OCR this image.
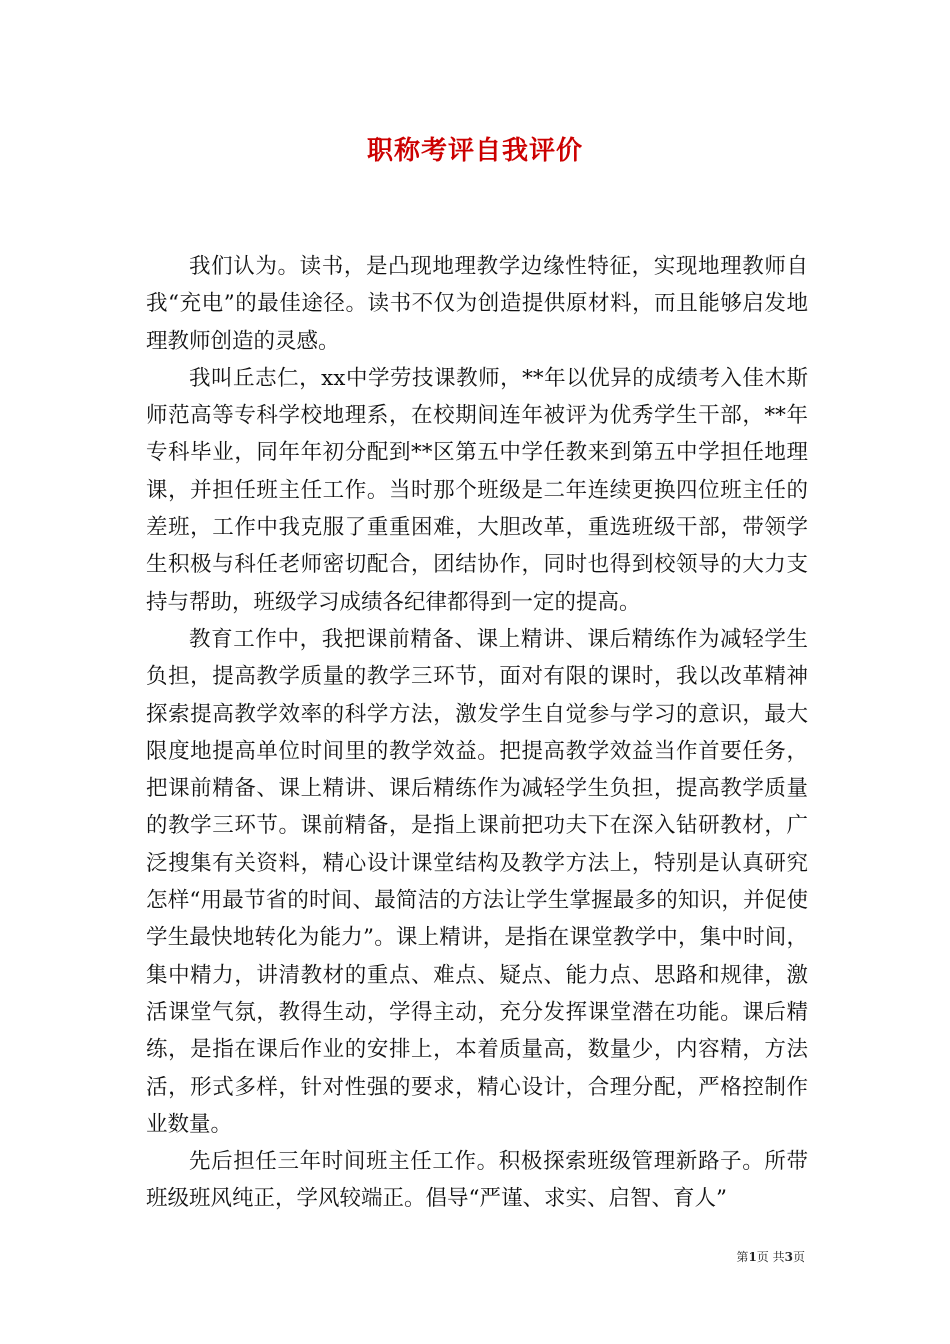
职称考评自我评价

我们认为。读书，是凸现地理教学边缘性特征，实现地理教师自我“充电”的最佳途径。读书不仅为创造提供原材料，而且能够启发地理教师创造的灵感。

我叫丘志仁，xx中学劳技课教师，**年以优异的成绩考入佳木斯师范高等专科学校地理系，在校期间连年被评为优秀学生干部，**年专科毕业，同年年初分配到**区第五中学任教来到第五中学担任地理课，并担任班主任工作。当时那个班级是二年连续更换四位班主任的差班，工作中我克服了重重困难，大胆改革，重选班级干部，带领学生积极与科任老师密切配合，团结协作，同时也得到校领导的大力支持与帮助，班级学习成绩各纪律都得到一定的提高。

教育工作中，我把课前精备、课上精讲、课后精练作为减轻学生负担，提高教学质量的教学三环节，面对有限的课时，我以改革精神探索提高教学效率的科学方法，激发学生自觉参与学习的意识，最大限度地提高单位时间里的教学效益。把提高教学效益当作首要任务，把课前精备、课上精讲、课后精练作为减轻学生负担，提高教学质量的教学三环节。课前精备，是指上课前把功夫下在深入钻研教材，广泛搜集有关资料，精心设计课堂结构及教学方法上，特别是认真研究怎样“用最节省的时间、最简洁的方法让学生掌握最多的知识，并促使学生最快地转化为能力”。课上精讲，是指在课堂教学中，集中时间，集中精力，讲清教材的重点、难点、疑点、能力点、思路和规律，激活课堂气氛，教得生动，学得主动，充分发挥课堂潜在功能。课后精练，是指在课后作业的安排上，本着质量高，数量少，内容精，方法活，形式多样，针对性强的要求，精心设计，合理分配，严格控制作业数量。

先后担任三年时间班主任工作。积极探索班级管理新路子。所带班级班风纯正，学风较端正。倡导“严谨、求实、启智、育人”

第1页 共3页
